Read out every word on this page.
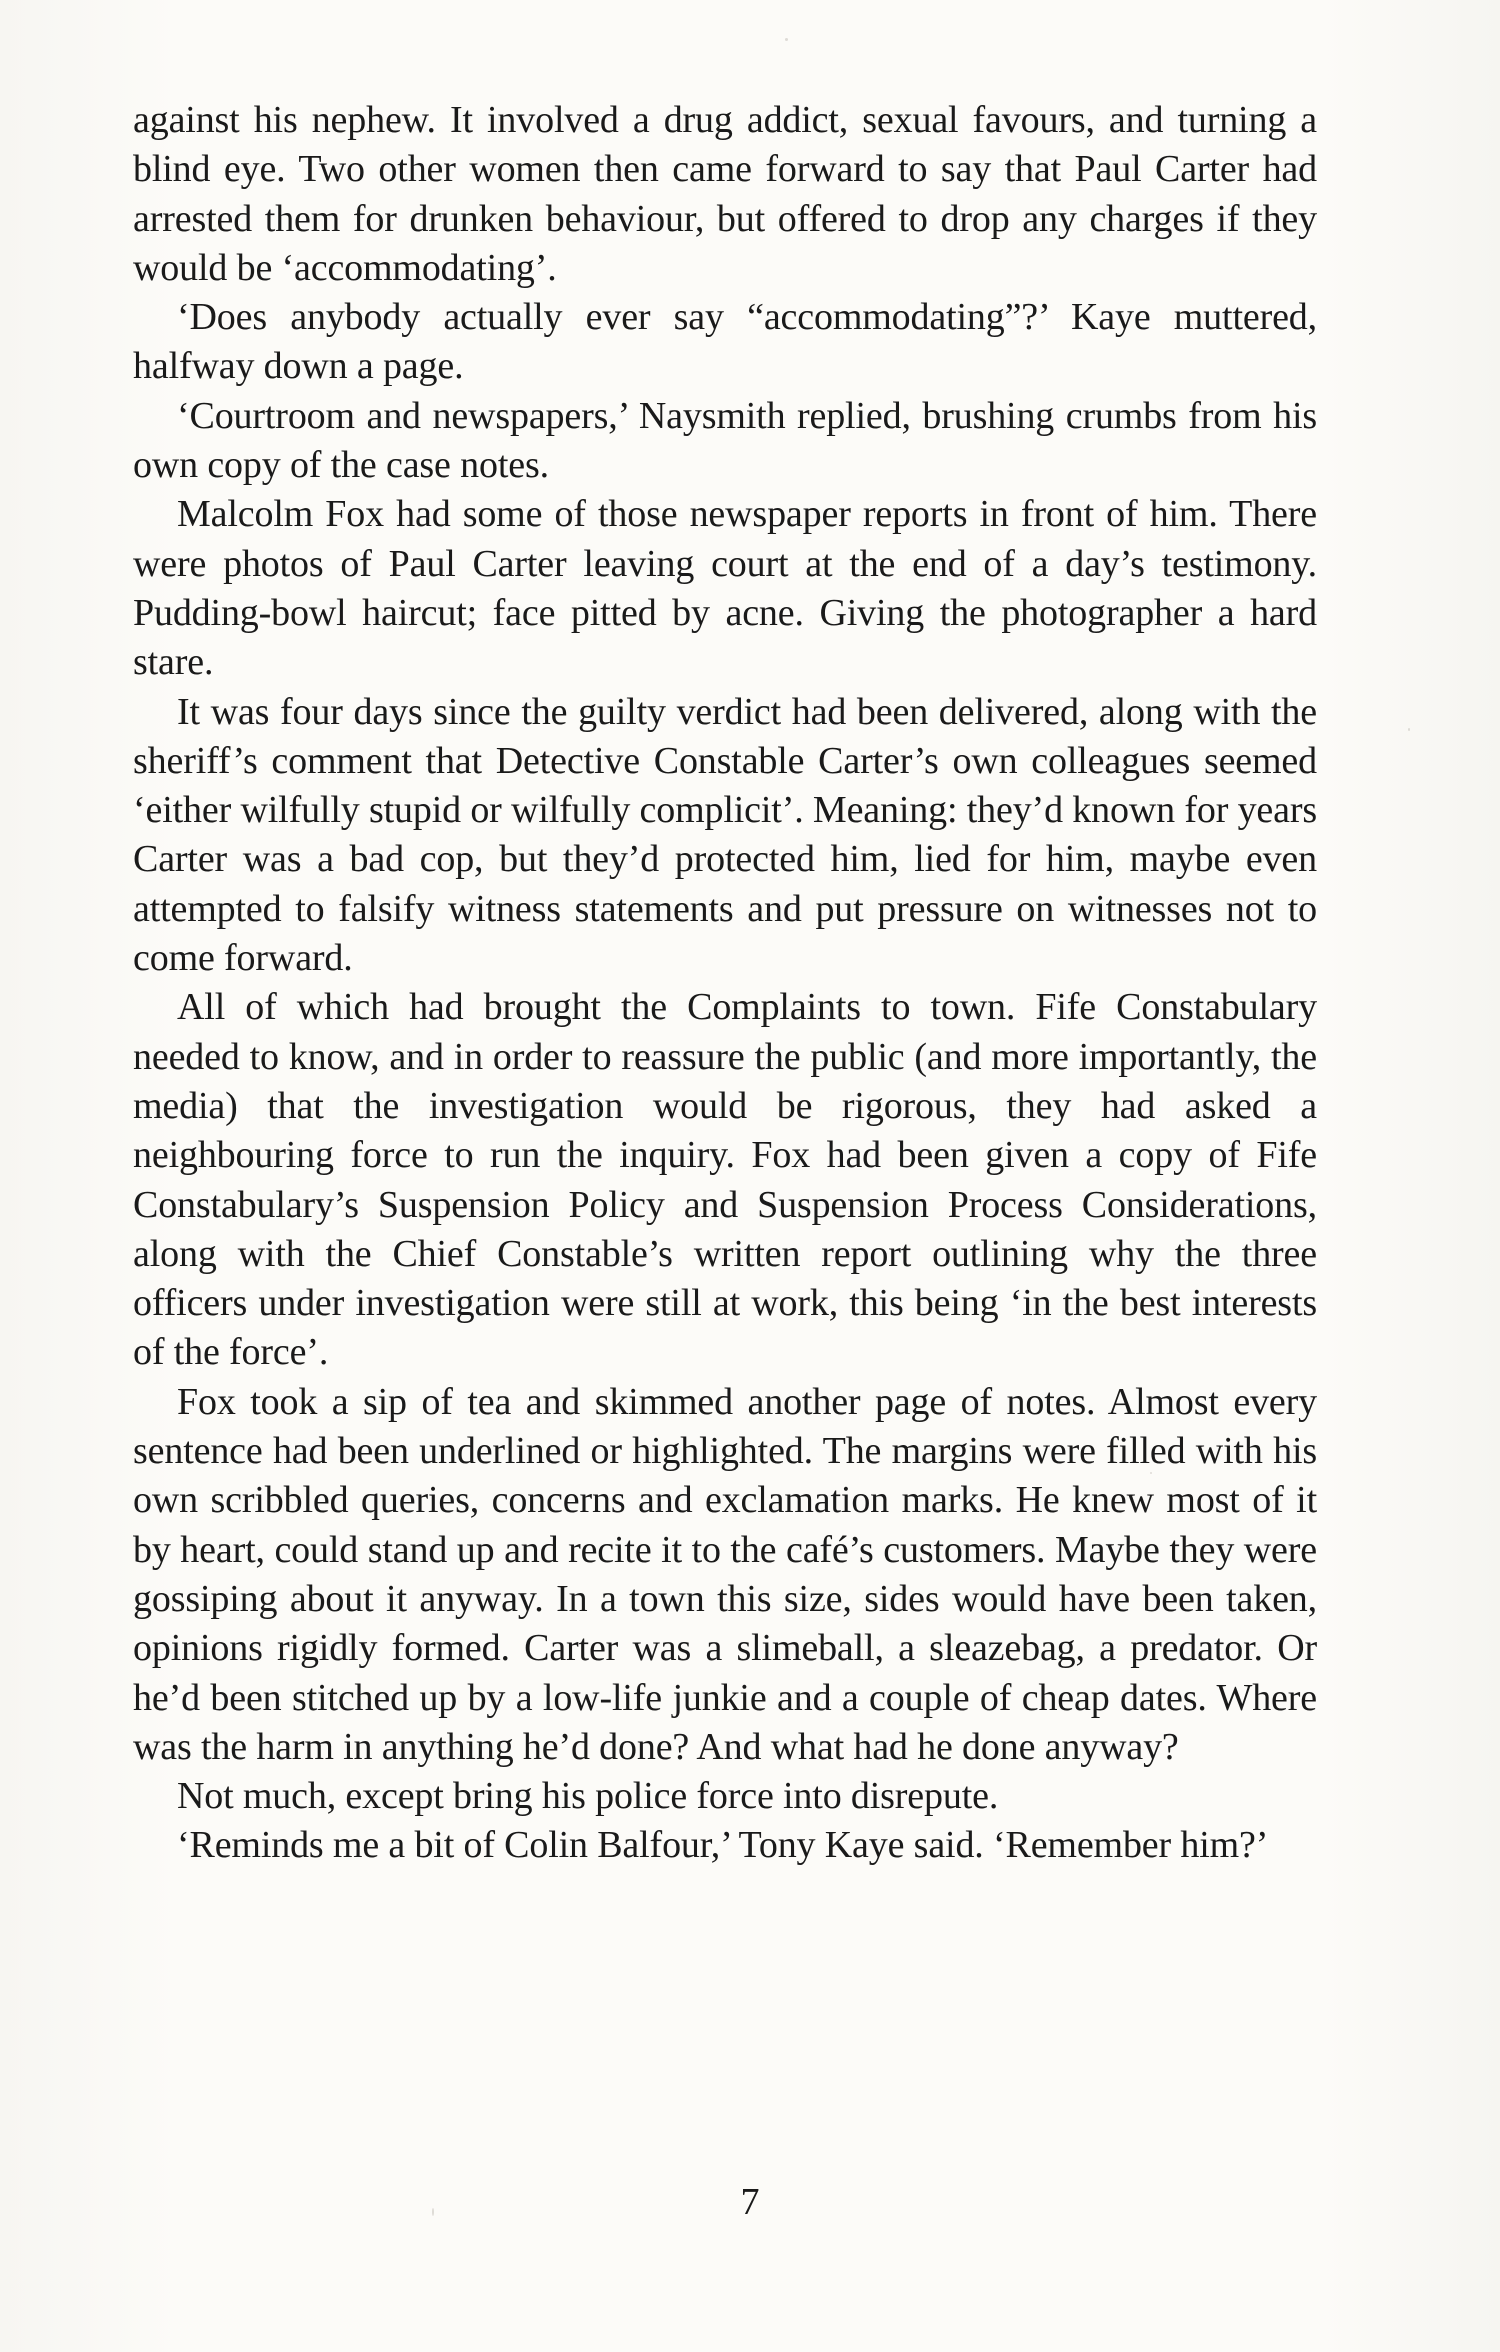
against his nephew. It involved a drug addict, sexual favours, and turning a blind eye. Two other women then came forward to say that Paul Carter had arrested them for drunken behaviour, but offered to drop any charges if they would be ‘accommodating’.

‘Does anybody actually ever say “accommodating”?’ Kaye muttered, halfway down a page.

‘Courtroom and newspapers,’ Naysmith replied, brushing crumbs from his own copy of the case notes.

Malcolm Fox had some of those newspaper reports in front of him. There were photos of Paul Carter leaving court at the end of a day’s testimony. Pudding-bowl haircut; face pitted by acne. Giving the photographer a hard stare.

It was four days since the guilty verdict had been delivered, along with the sheriff’s comment that Detective Constable Carter’s own colleagues seemed ‘either wilfully stupid or wilfully complicit’. Meaning: they’d known for years Carter was a bad cop, but they’d protected him, lied for him, maybe even attempted to falsify witness statements and put pressure on witnesses not to come forward.

All of which had brought the Complaints to town. Fife Constabulary needed to know, and in order to reassure the public (and more importantly, the media) that the investigation would be rigorous, they had asked a neighbouring force to run the inquiry. Fox had been given a copy of Fife Constabulary’s Suspension Policy and Suspension Process Considerations, along with the Chief Constable’s written report outlining why the three officers under investigation were still at work, this being ‘in the best interests of the force’.

Fox took a sip of tea and skimmed another page of notes. Almost every sentence had been underlined or highlighted. The margins were filled with his own scribbled queries, concerns and exclamation marks. He knew most of it by heart, could stand up and recite it to the café’s customers. Maybe they were gossiping about it anyway. In a town this size, sides would have been taken, opinions rigidly formed. Carter was a slimeball, a sleazebag, a predator. Or he’d been stitched up by a low-life junkie and a couple of cheap dates. Where was the harm in anything he’d done? And what had he done anyway?

Not much, except bring his police force into disrepute.

‘Reminds me a bit of Colin Balfour,’ Tony Kaye said. ‘Remember him?’

7
